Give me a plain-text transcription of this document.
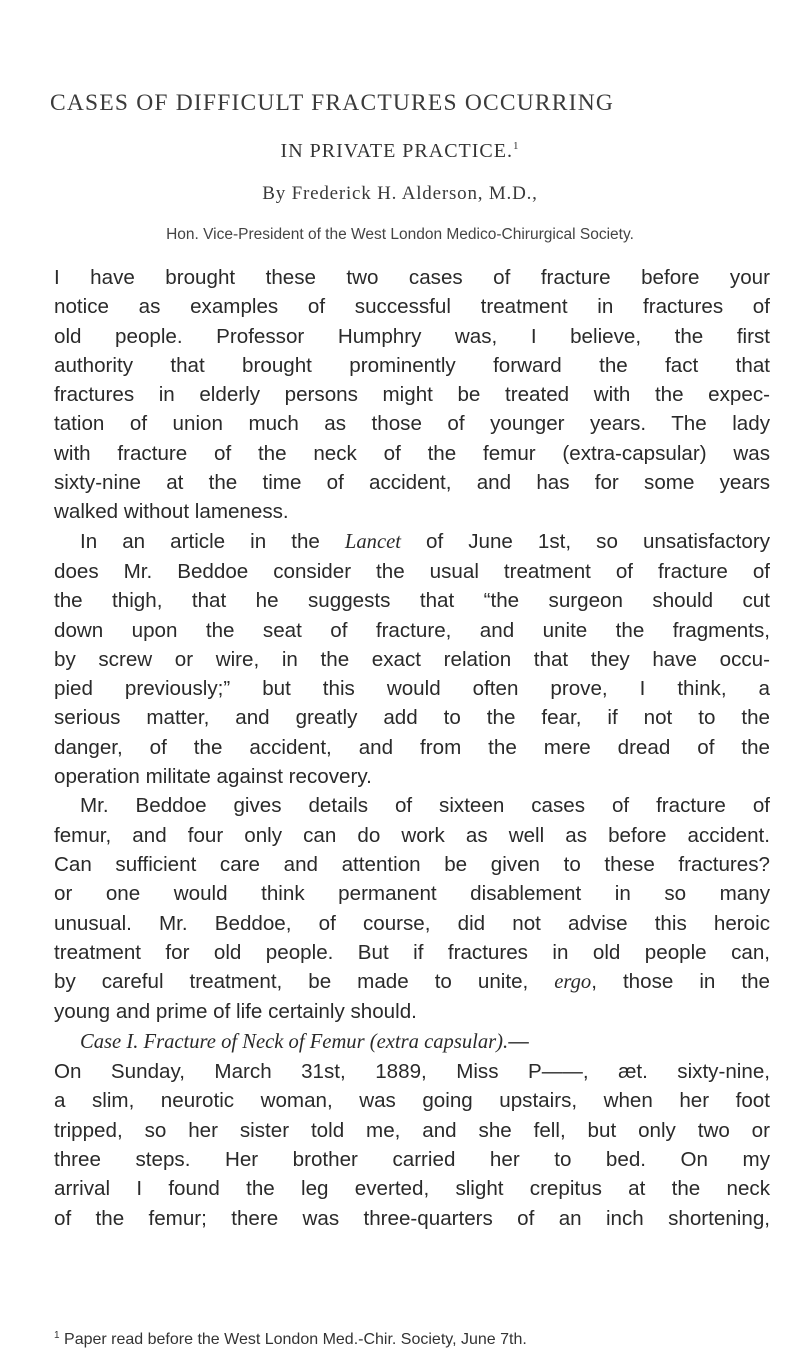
CASES OF DIFFICULT FRACTURES OCCURRING
IN PRIVATE PRACTICE.$^1$
By Frederick H. Alderson, M.D.,
Hon. Vice-President of the West London Medico-Chirurgical Society.
I have brought these two cases of fracture before your
notice as examples of successful treatment in fractures of
old people. Professor Humphry was, I believe, the first
authority that brought prominently forward the fact that
fractures in elderly persons might be treated with the expec-
tation of union much as those of younger years. The lady
with fracture of the neck of the femur (extra-capsular) was
sixty-nine at the time of accident, and has for some years
walked without lameness.
In an article in the Lancet of June 1st, so unsatisfactory
does Mr. Beddoe consider the usual treatment of fracture of
the thigh, that he suggests that “the surgeon should cut
down upon the seat of fracture, and unite the fragments,
by screw or wire, in the exact relation that they have occu-
pied previously;” but this would often prove, I think, a
serious matter, and greatly add to the fear, if not to the
danger, of the accident, and from the mere dread of the
operation militate against recovery.
Mr. Beddoe gives details of sixteen cases of fracture of
femur, and four only can do work as well as before accident.
Can sufficient care and attention be given to these fractures?
or one would think permanent disablement in so many
unusual. Mr. Beddoe, of course, did not advise this heroic
treatment for old people. But if fractures in old people can,
by careful treatment, be made to unite, ergo, those in the
young and prime of life certainly should.
Case I. Fracture of Neck of Femur (extra capsular).—
On Sunday, March 31st, 1889, Miss P——, æt. sixty-nine,
a slim, neurotic woman, was going upstairs, when her foot
tripped, so her sister told me, and she fell, but only two or
three steps. Her brother carried her to bed. On my
arrival I found the leg everted, slight crepitus at the neck
of the femur; there was three-quarters of an inch shortening,
$^1$ Paper read before the West London Med.-Chir. Society, June 7th.
